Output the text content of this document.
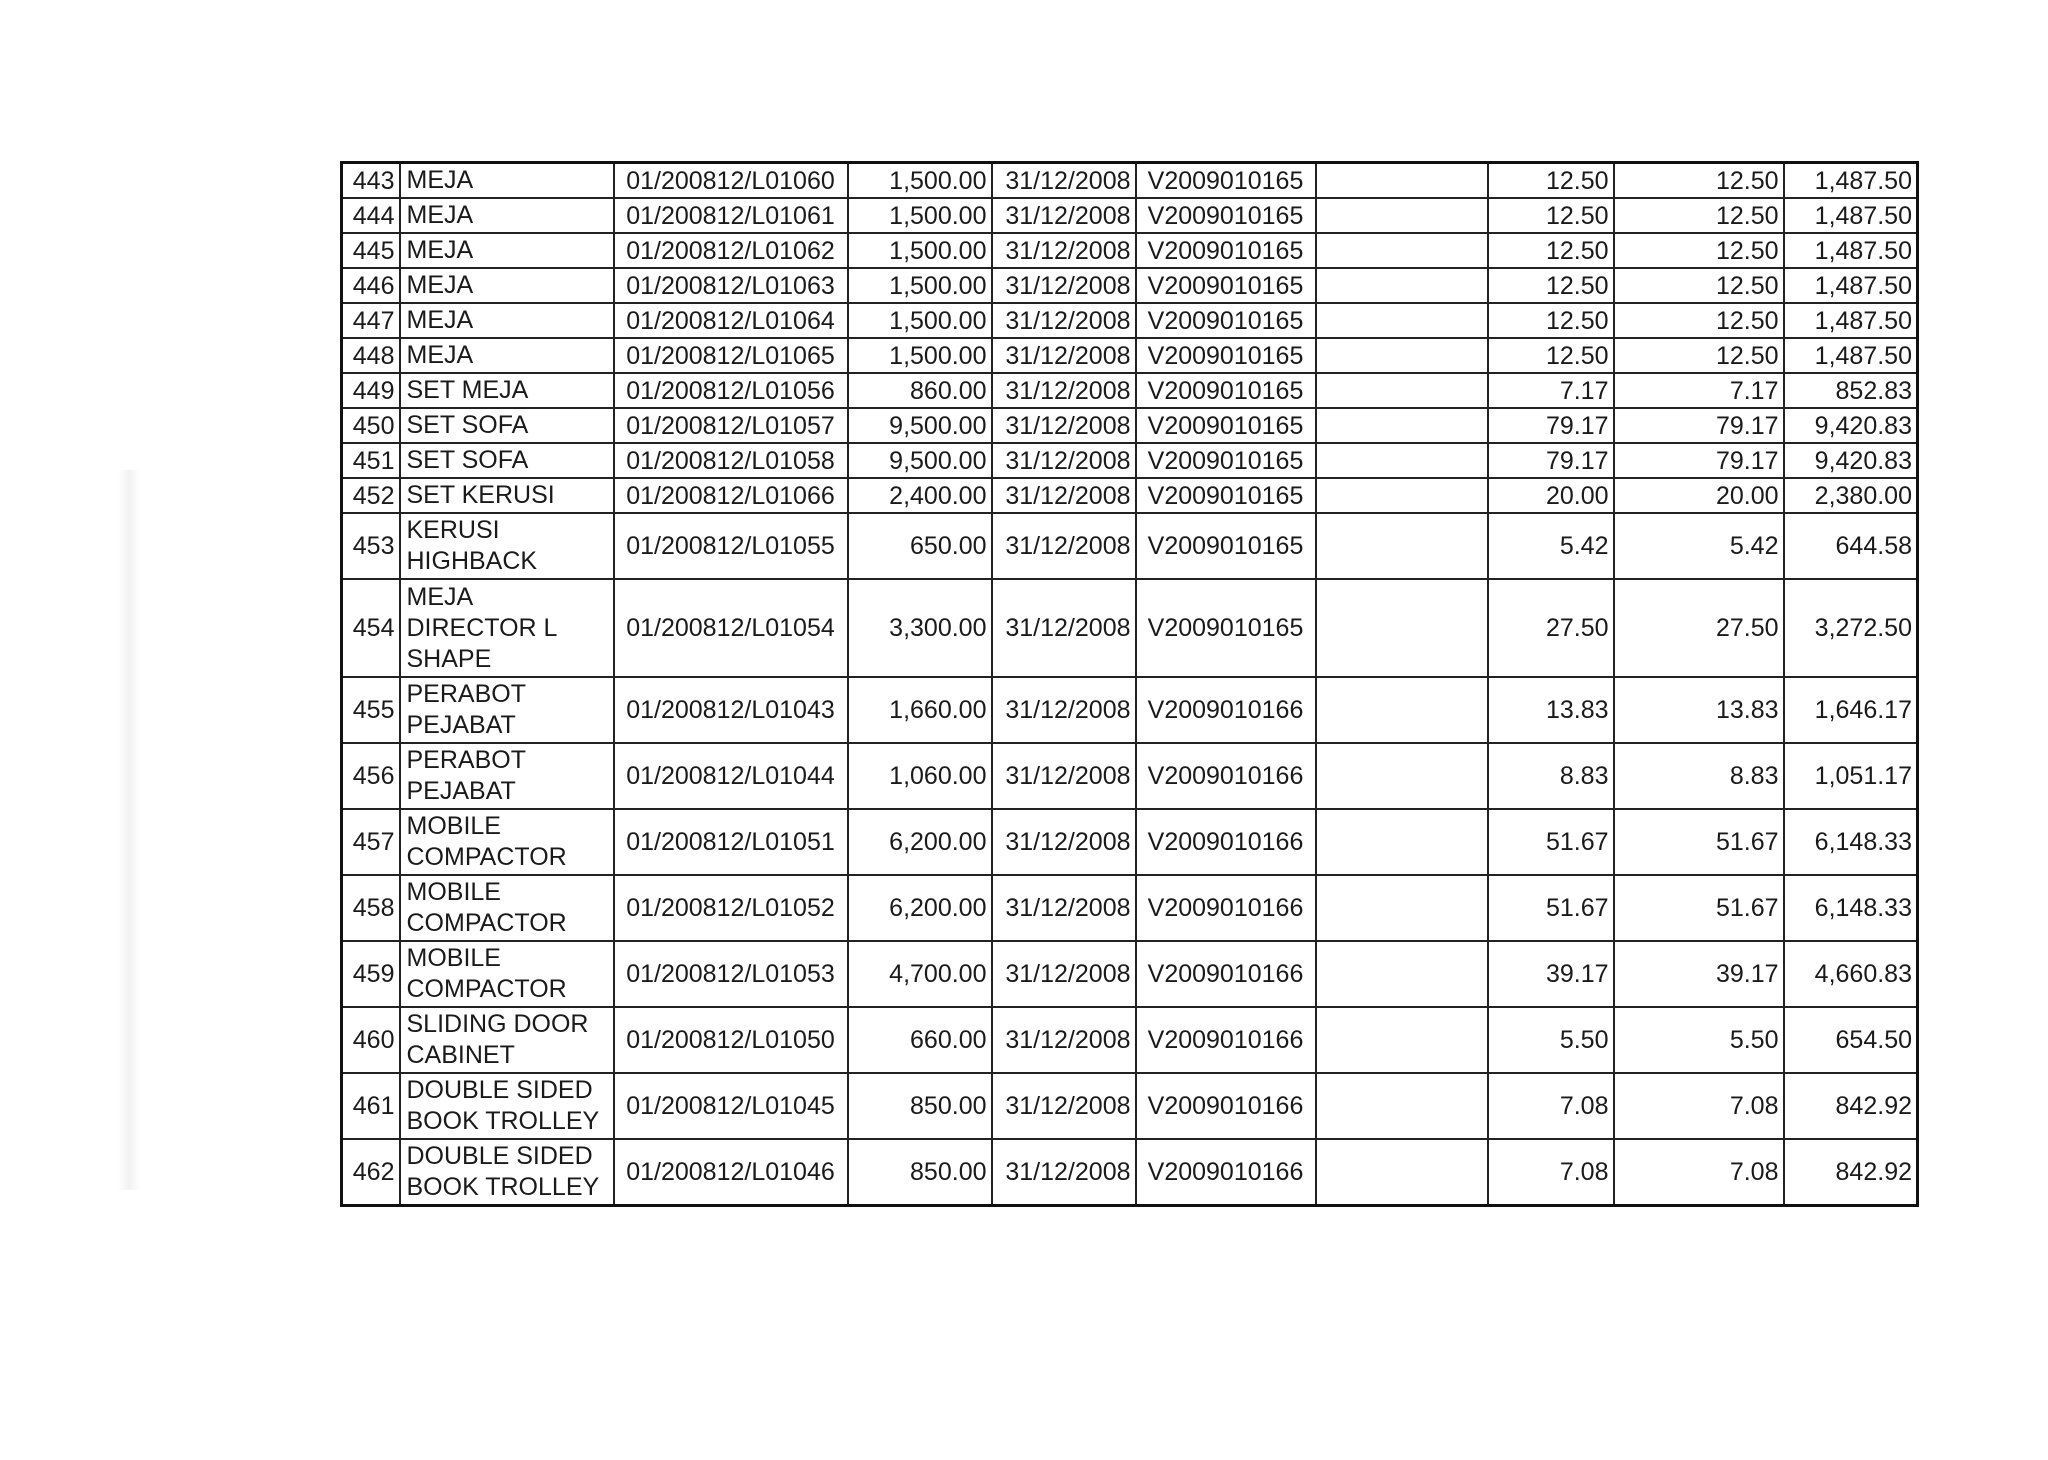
443	MEJA	01/200812/L01060	1,500.00	31/12/2008	V2009010165		12.50	12.50	1,487.50
444	MEJA	01/200812/L01061	1,500.00	31/12/2008	V2009010165		12.50	12.50	1,487.50
445	MEJA	01/200812/L01062	1,500.00	31/12/2008	V2009010165		12.50	12.50	1,487.50
446	MEJA	01/200812/L01063	1,500.00	31/12/2008	V2009010165		12.50	12.50	1,487.50
447	MEJA	01/200812/L01064	1,500.00	31/12/2008	V2009010165		12.50	12.50	1,487.50
448	MEJA	01/200812/L01065	1,500.00	31/12/2008	V2009010165		12.50	12.50	1,487.50
449	SET MEJA	01/200812/L01056	860.00	31/12/2008	V2009010165		7.17	7.17	852.83
450	SET SOFA	01/200812/L01057	9,500.00	31/12/2008	V2009010165		79.17	79.17	9,420.83
451	SET SOFA	01/200812/L01058	9,500.00	31/12/2008	V2009010165		79.17	79.17	9,420.83
452	SET KERUSI	01/200812/L01066	2,400.00	31/12/2008	V2009010165		20.00	20.00	2,380.00
453	KERUSI HIGHBACK	01/200812/L01055	650.00	31/12/2008	V2009010165		5.42	5.42	644.58
454	MEJA DIRECTOR L SHAPE	01/200812/L01054	3,300.00	31/12/2008	V2009010165		27.50	27.50	3,272.50
455	PERABOT PEJABAT	01/200812/L01043	1,660.00	31/12/2008	V2009010166		13.83	13.83	1,646.17
456	PERABOT PEJABAT	01/200812/L01044	1,060.00	31/12/2008	V2009010166		8.83	8.83	1,051.17
457	MOBILE COMPACTOR	01/200812/L01051	6,200.00	31/12/2008	V2009010166		51.67	51.67	6,148.33
458	MOBILE COMPACTOR	01/200812/L01052	6,200.00	31/12/2008	V2009010166		51.67	51.67	6,148.33
459	MOBILE COMPACTOR	01/200812/L01053	4,700.00	31/12/2008	V2009010166		39.17	39.17	4,660.83
460	SLIDING DOOR CABINET	01/200812/L01050	660.00	31/12/2008	V2009010166		5.50	5.50	654.50
461	DOUBLE SIDED BOOK TROLLEY	01/200812/L01045	850.00	31/12/2008	V2009010166		7.08	7.08	842.92
462	DOUBLE SIDED BOOK TROLLEY	01/200812/L01046	850.00	31/12/2008	V2009010166		7.08	7.08	842.92
